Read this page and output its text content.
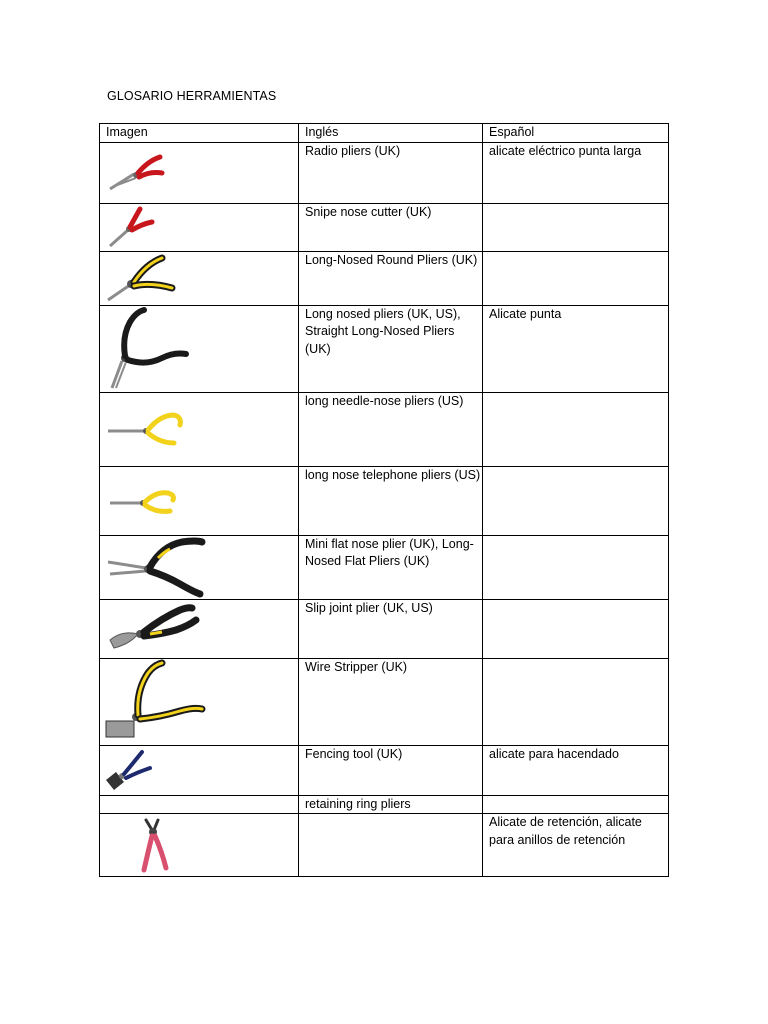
GLOSARIO HERRAMIENTAS
Imagen	Inglés	Español

	Radio pliers (UK)	alicate eléctrico punta larga

	Snipe nose cutter (UK)	

	Long-Nosed Round Pliers (UK)	

	Long nosed pliers (UK, US), Straight Long-Nosed Pliers (UK)	Alicate punta

	long needle-nose pliers (US)	

	long nose telephone pliers (US)	

	Mini flat nose plier (UK), Long-Nosed Flat Pliers (UK)	

	Slip joint plier (UK, US)	

	Wire Stripper (UK)	

	Fencing tool (UK)	alicate para hacendado
	retaining ring pliers	

		Alicate de retención, alicate para anillos de retención
